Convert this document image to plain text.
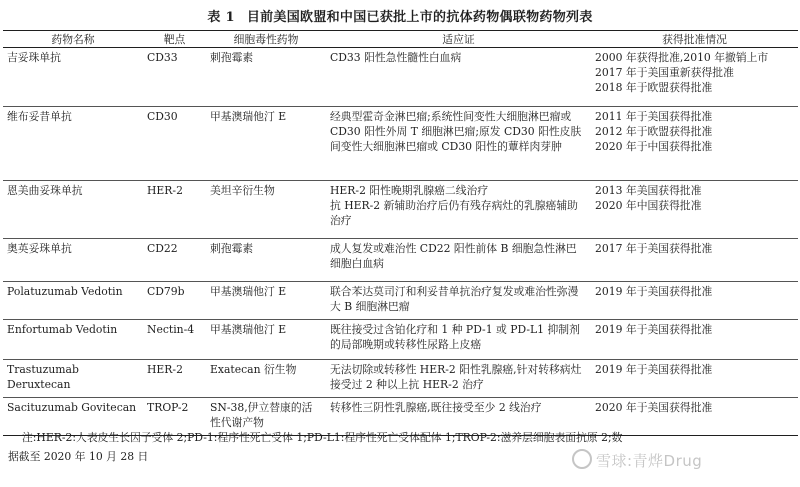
表 1 目前美国欧盟和中国已获批上市的抗体药物偶联物药物列表
药物名称	靶点	细胞毒性药物	适应证	获得批准情况
吉妥珠单抗	CD33	刺孢霉素	CD33 阳性急性髓性白血病	2000 年获得批准,2010 年撤销上市
2017 年于美国重新获得批准
2018 年于欧盟获得批准

维布妥昔单抗	CD30	甲基澳瑞他汀 E	经典型霍奇金淋巴瘤;系统性间变性大细胞淋巴瘤或 CD30 阳性外周 T 细胞淋巴瘤;原发 CD30 阳性皮肤间变性大细胞淋巴瘤或 CD30 阳性的蕈样肉芽肿	2011 年于美国获得批准
2012 年于欧盟获得批准
2020 年于中国获得批准

恩美曲妥珠单抗	HER-2	美坦辛衍生物	HER-2 阳性晚期乳腺癌二线治疗
抗 HER-2 新辅助治疗后仍有残存病灶的乳腺癌辅助治疗	2013 年美国获得批准
2020 年中国获得批准

奥英妥珠单抗	CD22	刺孢霉素	成人复发或难治性 CD22 阳性前体 B 细胞急性淋巴细胞白血病	2017 年于美国获得批准

Polatuzumab Vedotin	CD79b	甲基澳瑞他汀 E	联合苯达莫司汀和利妥昔单抗治疗复发或难治性弥漫大 B 细胞淋巴瘤	2019 年于美国获得批准

Enfortumab Vedotin	Nectin-4	甲基澳瑞他汀 E	既往接受过含铂化疗和 1 种 PD-1 或 PD-L1 抑制剂的局部晚期或转移性尿路上皮癌	2019 年于美国获得批准

Trastuzumab Deruxtecan	HER-2	Exatecan 衍生物	无法切除或转移性 HER-2 阳性乳腺癌,针对转移病灶接受过 2 种以上抗 HER-2 治疗	2019 年于美国获得批准

Sacituzumab Govitecan	TROP-2	SN-38,伊立替康的活性代谢产物	转移性三阴性乳腺癌,既往接受至少 2 线治疗	2020 年于美国获得批准
注:HER-2:人表皮生长因子受体 2;PD-1:程序性死亡受体 1;PD-L1:程序性死亡受体配体 1;TROP-2:滋养层细胞表面抗原 2;数
据截至 2020 年 10 月 28 日	雪球:青烨Drug
